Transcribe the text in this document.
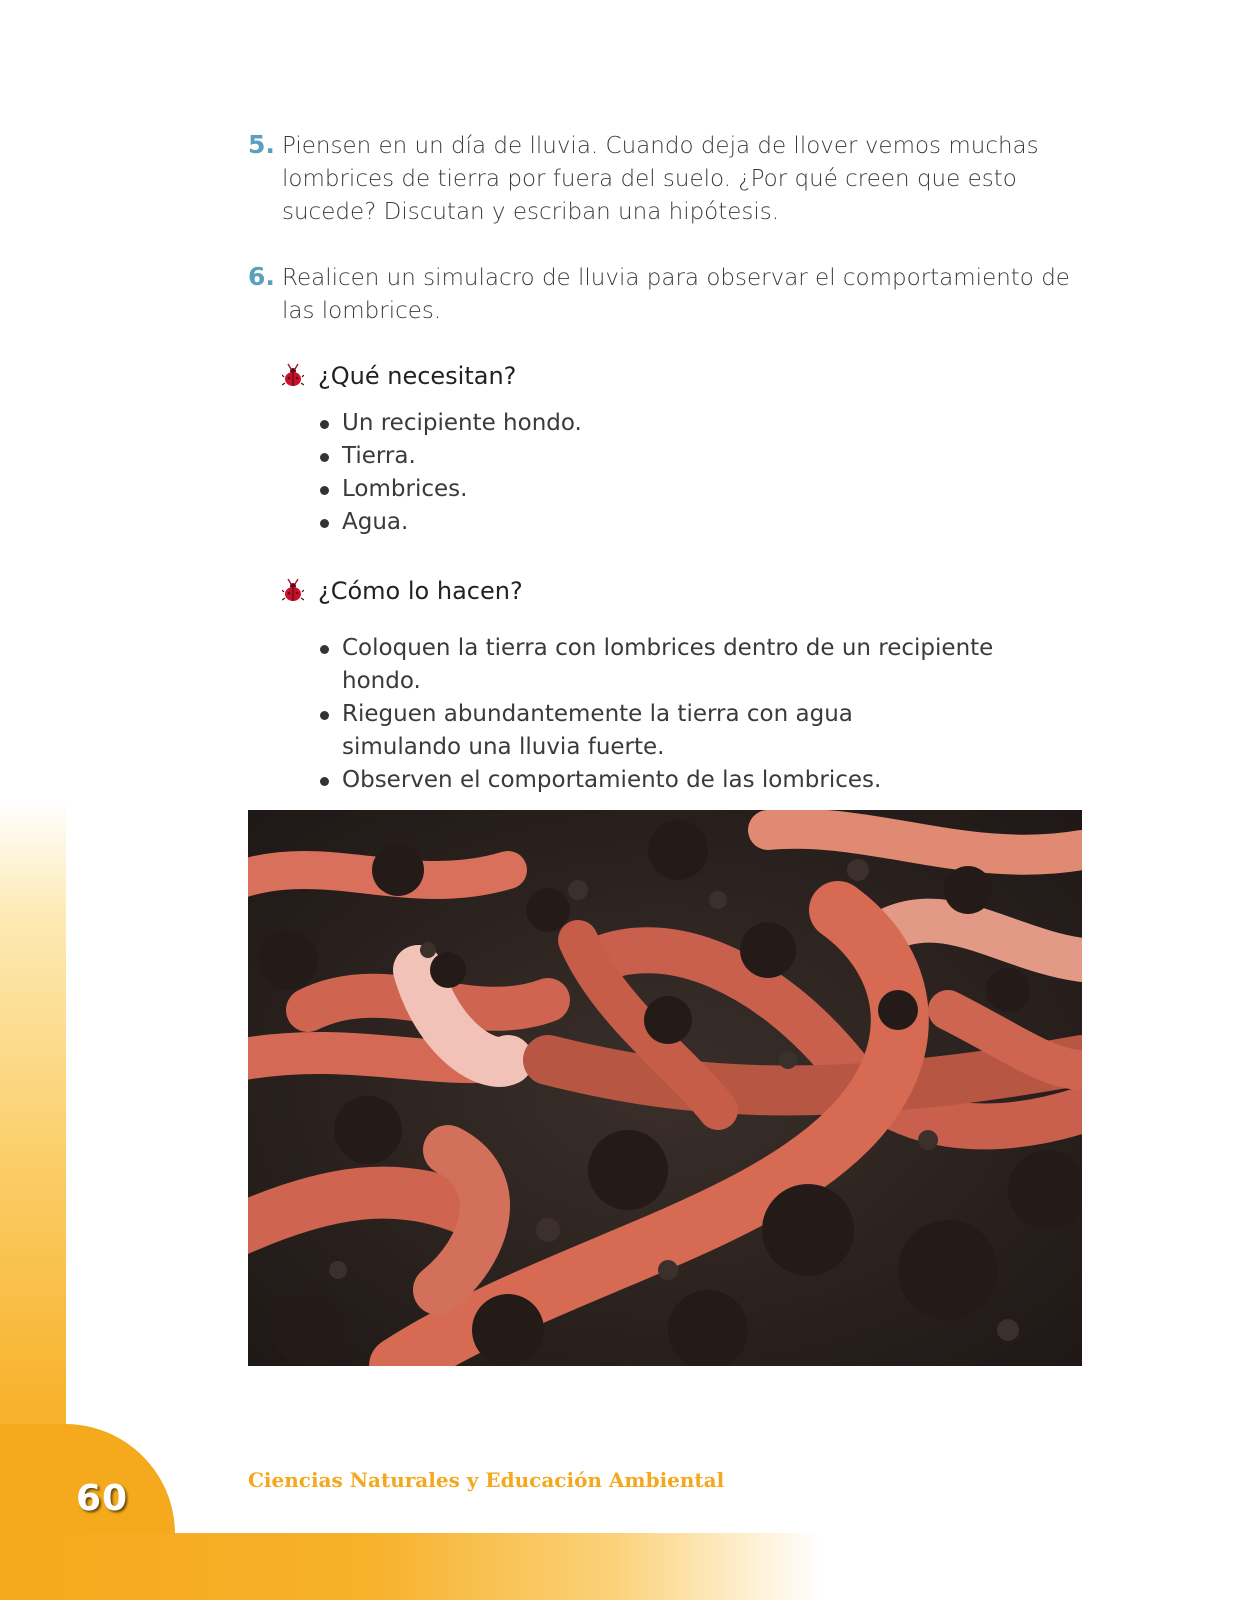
60	Ciencias Naturales y Educación Ambiental
5. Piensen en un día de lluvia. Cuando deja de llover vemos muchas lombrices de tierra por fuera del suelo. ¿Por qué creen que esto sucede? Discutan y escriban una hipótesis.
6. Realicen un simulacro de lluvia para observar el comportamiento de las lombrices.
¿Qué necesitan?
Un recipiente hondo.
Tierra.
Lombrices.
Agua.
¿Cómo lo hacen?
Coloquen la tierra con lombrices dentro de un recipiente hondo.
Rieguen abundantemente la tierra con agua simulando una lluvia fuerte.
Observen el comportamiento de las lombrices.
